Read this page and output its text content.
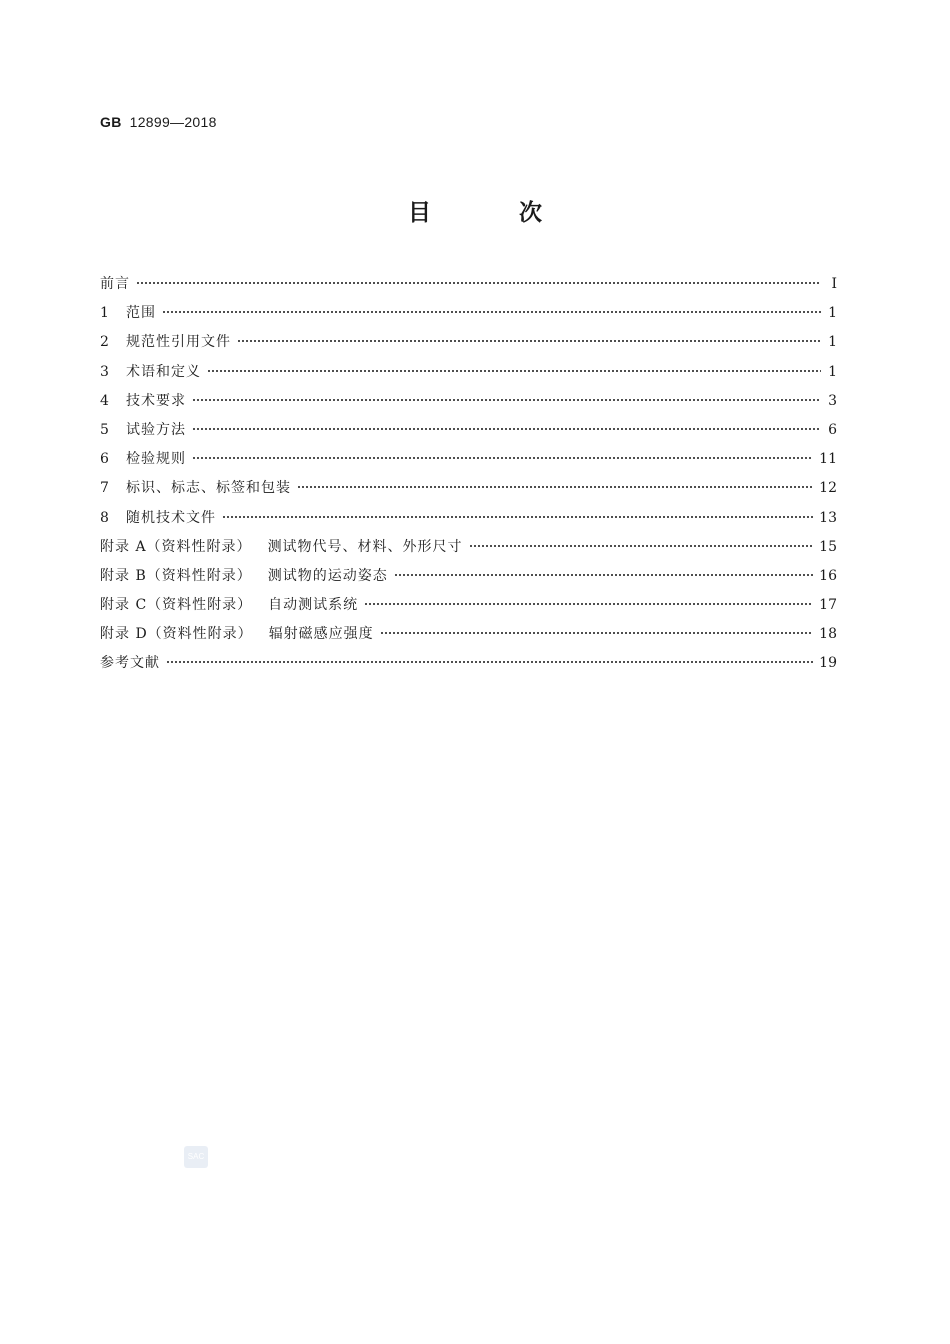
GB 12899—2018
目 次
前言	Ⅰ
1	范围	1
2	规范性引用文件	1
3	术语和定义	1
4	技术要求	3
5	试验方法	6
6	检验规则	11
7	标识、标志、标签和包装	12
8	随机技术文件	13
附录 A（资料性附录） 测试物代号、材料、外形尺寸	15
附录 B（资料性附录） 测试物的运动姿态	16
附录 C（资料性附录） 自动测试系统	17
附录 D（资料性附录） 辐射磁感应强度	18
参考文献	19
SAC
